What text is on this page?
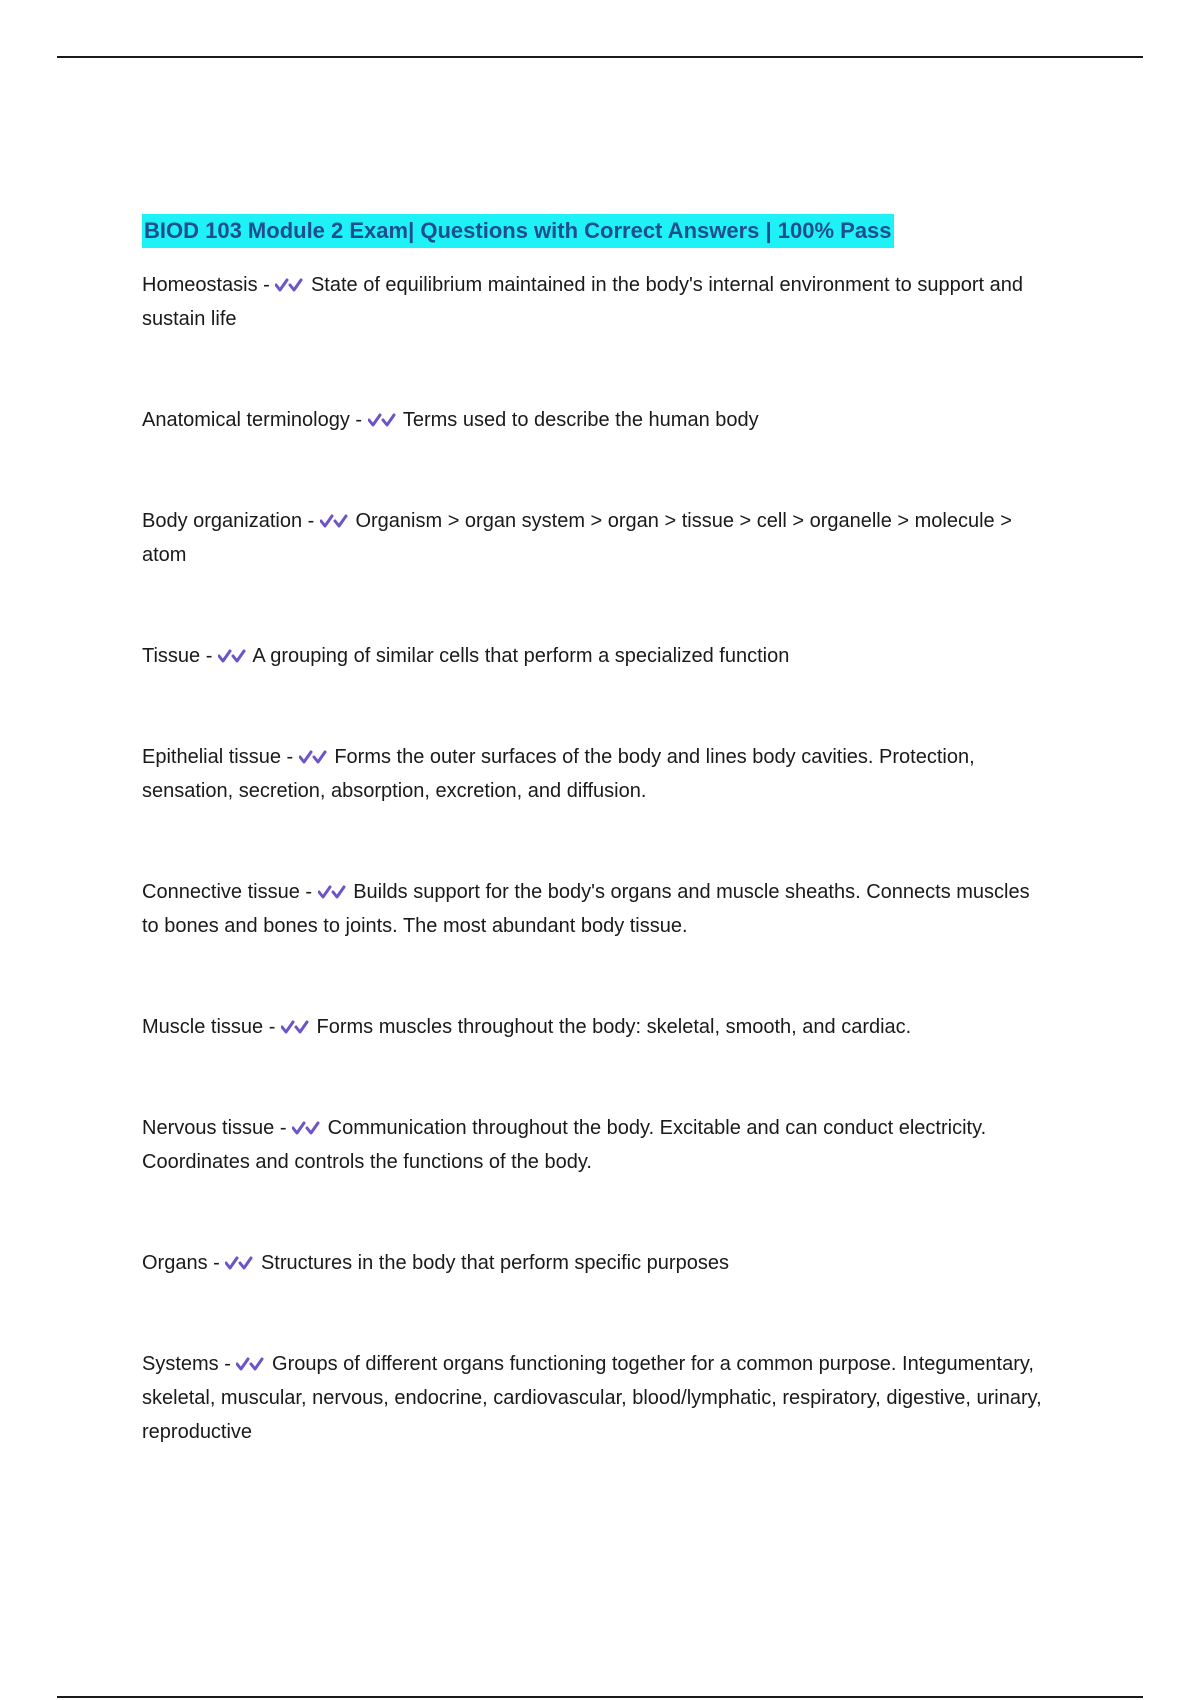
BIOD 103 Module 2 Exam| Questions with Correct Answers | 100% Pass
Homeostasis - State of equilibrium maintained in the body's internal environment to support and sustain life
Anatomical terminology - Terms used to describe the human body
Body organization - Organism > organ system > organ > tissue > cell > organelle > molecule > atom
Tissue - A grouping of similar cells that perform a specialized function
Epithelial tissue - Forms the outer surfaces of the body and lines body cavities. Protection, sensation, secretion, absorption, excretion, and diffusion.
Connective tissue - Builds support for the body's organs and muscle sheaths. Connects muscles to bones and bones to joints. The most abundant body tissue.
Muscle tissue - Forms muscles throughout the body: skeletal, smooth, and cardiac.
Nervous tissue - Communication throughout the body. Excitable and can conduct electricity. Coordinates and controls the functions of the body.
Organs - Structures in the body that perform specific purposes
Systems - Groups of different organs functioning together for a common purpose. Integumentary, skeletal, muscular, nervous, endocrine, cardiovascular, blood/lymphatic, respiratory, digestive, urinary, reproductive
